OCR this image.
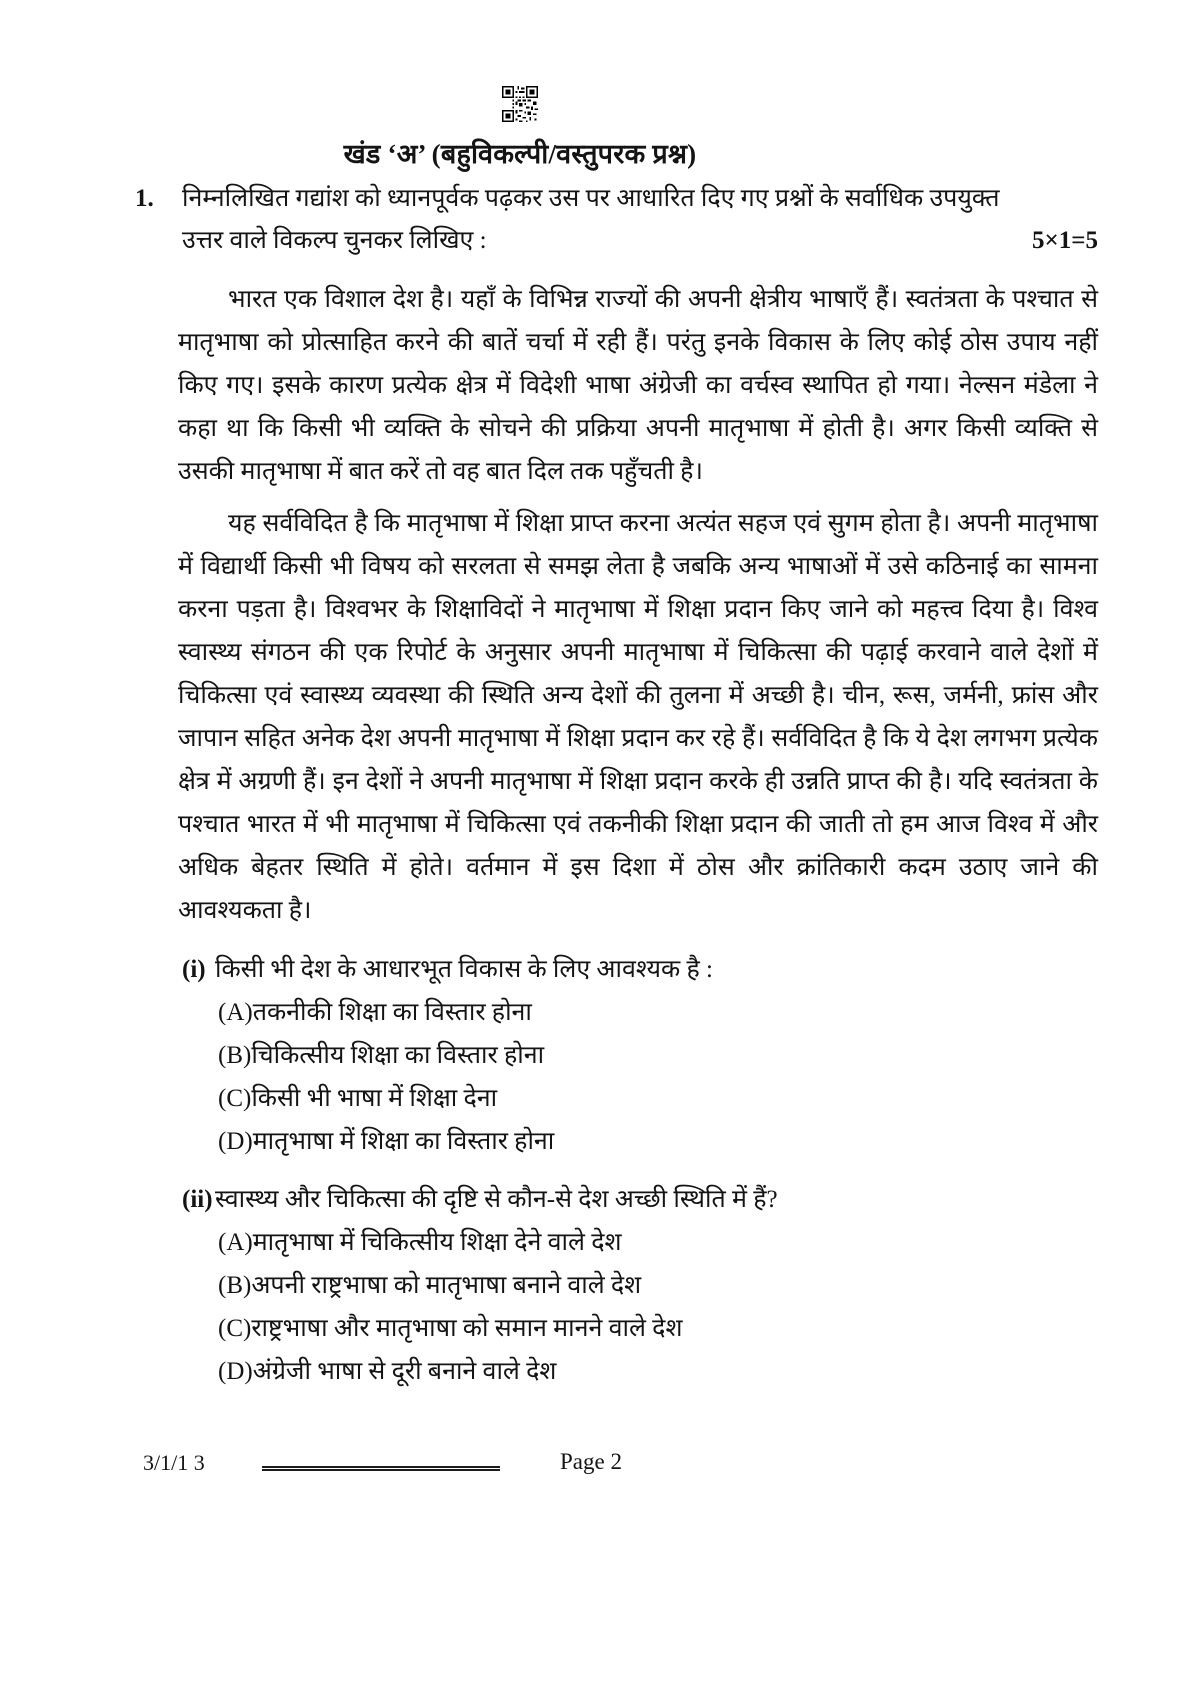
खंड ‘अ’ (बहुविकल्पी/वस्तुपरक प्रश्न)
1.	निम्नलिखित गद्यांश को ध्यानपूर्वक पढ़कर उस पर आधारित दिए गए प्रश्नों के सर्वाधिक उपयुक्त उत्तर वाले विकल्प चुनकर लिखिए :	5×1=5

भारत एक विशाल देश है। यहाँ के विभिन्न राज्यों की अपनी क्षेत्रीय भाषाएँ हैं। स्वतंत्रता के पश्चात से मातृभाषा को प्रोत्साहित करने की बातें चर्चा में रही हैं। परंतु इनके विकास के लिए कोई ठोस उपाय नहीं किए गए। इसके कारण प्रत्येक क्षेत्र में विदेशी भाषा अंग्रेजी का वर्चस्व स्थापित हो गया। नेल्सन मंडेला ने कहा था कि किसी भी व्यक्ति के सोचने की प्रक्रिया अपनी मातृभाषा में होती है। अगर किसी व्यक्ति से उसकी मातृभाषा में बात करें तो वह बात दिल तक पहुँचती है।

यह सर्वविदित है कि मातृभाषा में शिक्षा प्राप्त करना अत्यंत सहज एवं सुगम होता है। अपनी मातृभाषा में विद्यार्थी किसी भी विषय को सरलता से समझ लेता है जबकि अन्य भाषाओं में उसे कठिनाई का सामना करना पड़ता है। विश्वभर के शिक्षाविदों ने मातृभाषा में शिक्षा प्रदान किए जाने को महत्त्व दिया है। विश्व स्वास्थ्य संगठन की एक रिपोर्ट के अनुसार अपनी मातृभाषा में चिकित्सा की पढ़ाई करवाने वाले देशों में चिकित्सा एवं स्वास्थ्य व्यवस्था की स्थिति अन्य देशों की तुलना में अच्छी है। चीन, रूस, जर्मनी, फ्रांस और जापान सहित अनेक देश अपनी मातृभाषा में शिक्षा प्रदान कर रहे हैं। सर्वविदित है कि ये देश लगभग प्रत्येक क्षेत्र में अग्रणी हैं। इन देशों ने अपनी मातृभाषा में शिक्षा प्रदान करके ही उन्नति प्राप्त की है। यदि स्वतंत्रता के पश्चात भारत में भी मातृभाषा में चिकित्सा एवं तकनीकी शिक्षा प्रदान की जाती तो हम आज विश्व में और अधिक बेहतर स्थिति में होते। वर्तमान में इस दिशा में ठोस और क्रांतिकारी कदम उठाए जाने की आवश्यकता है।

(i) किसी भी देश के आधारभूत विकास के लिए आवश्यक है :
(A) तकनीकी शिक्षा का विस्तार होना
(B) चिकित्सीय शिक्षा का विस्तार होना
(C) किसी भी भाषा में शिक्षा देना
(D) मातृभाषा में शिक्षा का विस्तार होना
(ii) स्वास्थ्य और चिकित्सा की दृष्टि से कौन-से देश अच्छी स्थिति में हैं?
(A) मातृभाषा में चिकित्सीय शिक्षा देने वाले देश
(B) अपनी राष्ट्रभाषा को मातृभाषा बनाने वाले देश
(C) राष्ट्रभाषा और मातृभाषा को समान मानने वाले देश
(D) अंग्रेजी भाषा से दूरी बनाने वाले देश
3/1/1 3	Page 2
